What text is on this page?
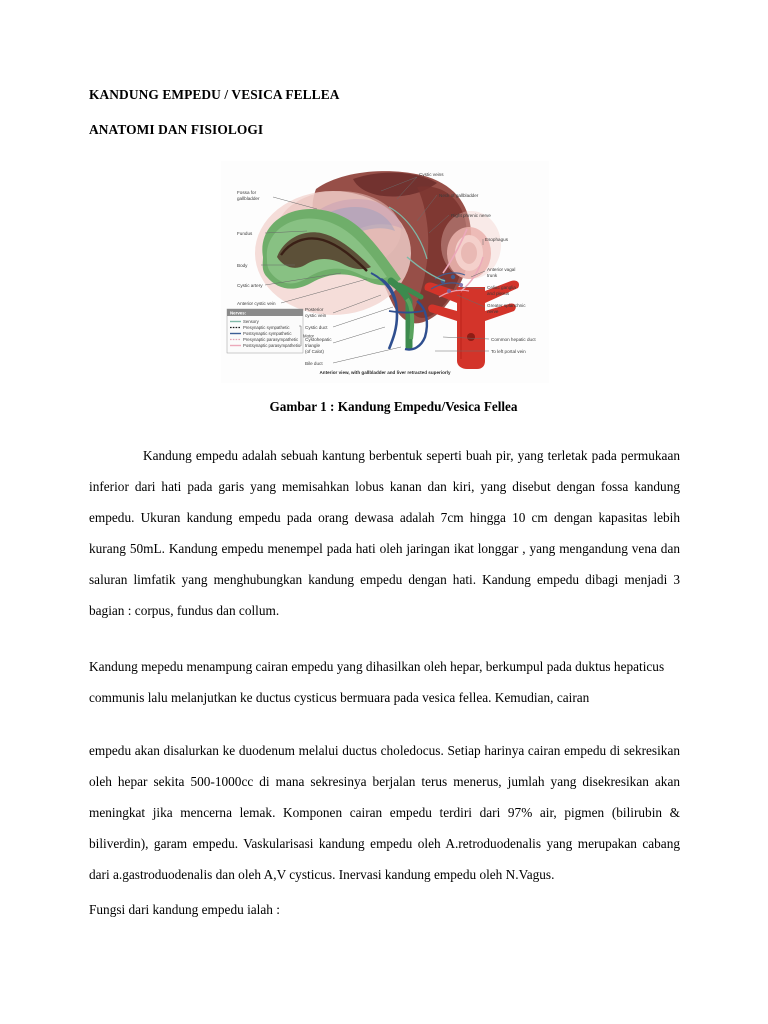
KANDUNG EMPEDU / VESICA FELLEA
ANATOMI DAN FISIOLOGI
Fossa for
gallbladder
Fundus
Body
Cystic artery
Anterior cystic vein
Posterior
cystic vein
Cystic duct
Cystohepatic
triangle
(of Calot)
Bile duct
Cystic veins
Neck of gallbladder
Right phrenic nerve
Esophagus
Anterior vagal
trunk
Celiac ganglia
and plexus
Greater splanchnic
nerve
Common hepatic duct
To left portal vein
Nerves:
Sensory
Presynaptic sympathetic
Postsynaptic sympathetic
Presynaptic parasympathetic
Postsynaptic parasympathetic
Motor
Anterior view, with gallbladder and liver retracted superiorly
Gambar 1 : Kandung Empedu/Vesica Fellea

Kandung empedu adalah sebuah kantung berbentuk seperti buah pir, yang terletak pada permukaan inferior dari hati pada garis yang memisahkan lobus kanan dan kiri, yang disebut dengan fossa kandung empedu. Ukuran kandung empedu pada orang dewasa adalah 7cm hingga 10 cm dengan kapasitas lebih kurang 50mL. Kandung empedu menempel pada hati oleh jaringan ikat longgar , yang mengandung vena dan saluran limfatik yang menghubungkan kandung empedu dengan hati. Kandung empedu dibagi menjadi 3 bagian : corpus, fundus dan collum.

Kandung mepedu menampung cairan empedu yang dihasilkan oleh hepar, berkumpul pada duktus hepaticus communis lalu melanjutkan ke ductus cysticus bermuara pada vesica fellea. Kemudian, cairan

empedu akan disalurkan ke duodenum melalui ductus choledocus. Setiap harinya cairan empedu di sekresikan oleh hepar sekita 500-1000cc di mana sekresinya berjalan terus menerus, jumlah yang disekresikan akan meningkat jika mencerna lemak. Komponen cairan empedu terdiri dari 97% air, pigmen (bilirubin & biliverdin), garam empedu. Vaskularisasi kandung empedu oleh A.retroduodenalis yang merupakan cabang dari a.gastroduodenalis dan oleh A,V cysticus. Inervasi kandung empedu oleh N.Vagus.

Fungsi dari kandung empedu ialah :
